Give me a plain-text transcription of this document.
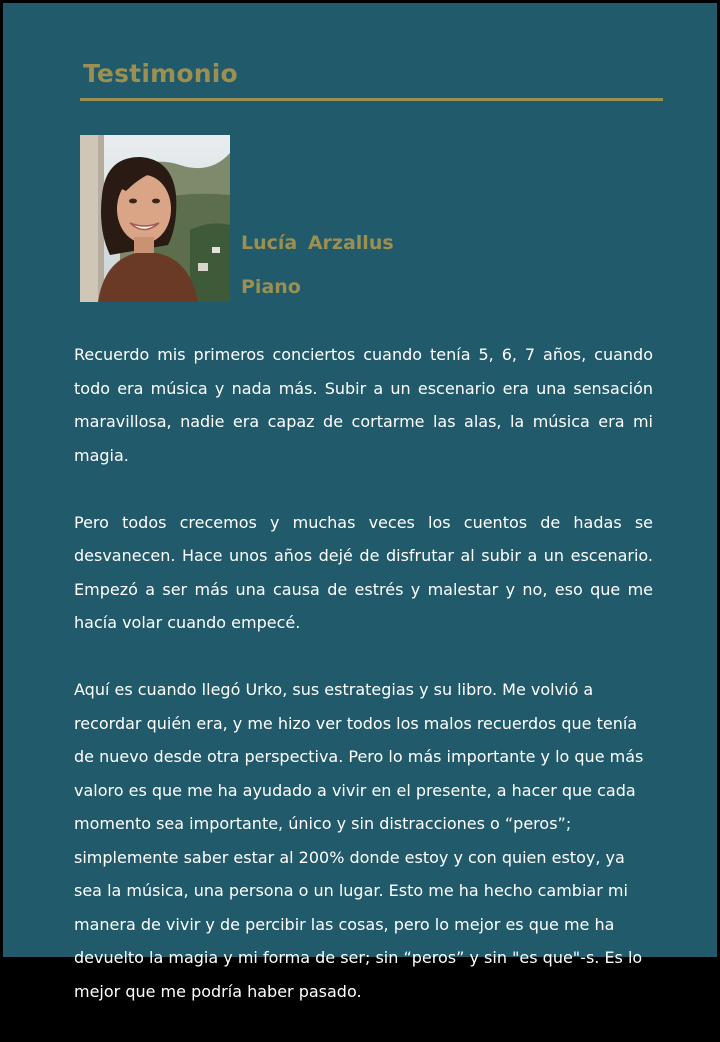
Testimonio
Lucía Arzallus
Piano

Recuerdo mis primeros conciertos cuando tenía 5, 6, 7 años, cuando todo era música y nada más. Subir a un escenario era una sensación maravillosa, nadie era capaz de cortarme las alas, la música era mi magia.

Pero todos crecemos y muchas veces los cuentos de hadas se desvanecen. Hace unos años dejé de disfrutar al subir a un escenario. Empezó a ser más una causa de estrés y malestar y no, eso que me hacía volar cuando empecé.

Aquí es cuando llegó Urko, sus estrategias y su libro. Me volvió a recordar quién era, y me hizo ver todos los malos recuerdos que tenía de nuevo desde otra perspectiva. Pero lo más importante y lo que más valoro es que me ha ayudado a vivir en el presente, a hacer que cada momento sea importante, único y sin distracciones o “peros”; simplemente saber estar al 200% donde estoy y con quien estoy, ya sea la música, una persona o un lugar. Esto me ha hecho cambiar mi manera de vivir y de percibir las cosas, pero lo mejor es que me ha devuelto la magia y mi forma de ser; sin “peros” y sin "es que"-s. Es lo mejor que me podría haber pasado.
